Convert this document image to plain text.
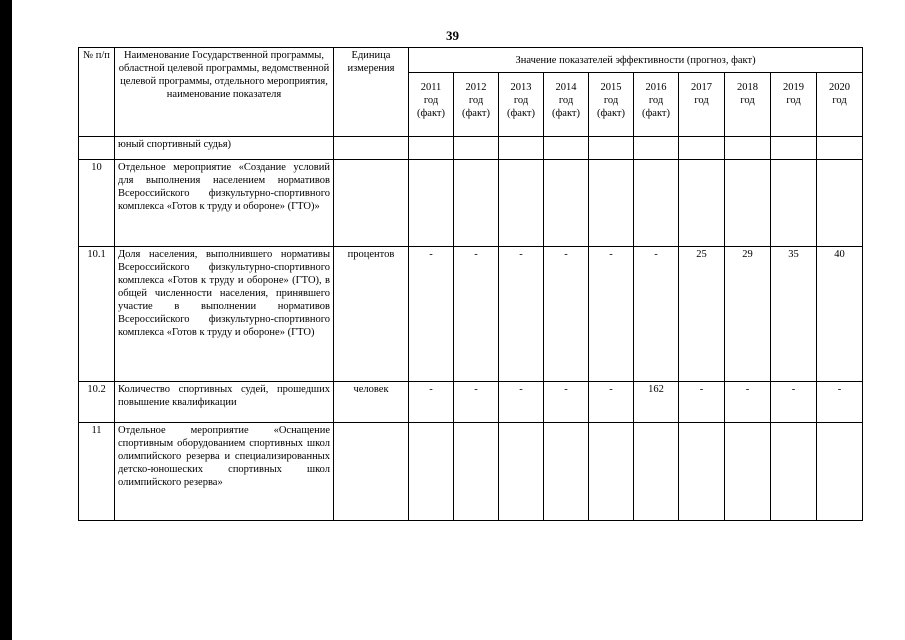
39
№ п/п	Наименование Государственной программы, областной целевой программы, ведомственной целевой программы, отдельного мероприятия, наименование показателя	Единица измерения	Значение показателей эффективности (прогноз, факт)									
			2011
год
(факт)	2012
год
(факт)	2013
год
(факт)	2014
год
(факт)	2015
год
(факт)	2016
год
(факт)	2017
год	2018
год	2019
год	2020
год
	юный спортивный судья)											
10	Отдельное мероприятие «Создание условий для выполнения населением нормативов Всероссийского физкультурно-спортивного комплекса «Готов к труду и обороне» (ГТО)»											
10.1	Доля населения, выполнившего нормативы Всероссийского физкультурно-спортивного комплекса «Готов к труду и обороне» (ГТО), в общей численности населения, принявшего участие в выполнении нормативов Всероссийского физкультурно-спортивного комплекса «Готов к труду и обороне» (ГТО)	процентов	-	-	-	-	-	-	25	29	35	40
10.2	Количество спортивных судей, прошедших повышение квалификации	человек	-	-	-	-	-	162	-	-	-	-
11	Отдельное мероприятие «Оснащение спортивным оборудованием спортивных школ олимпийского резерва и специализированных детско-юношеских спортивных школ олимпийского резерва»											
